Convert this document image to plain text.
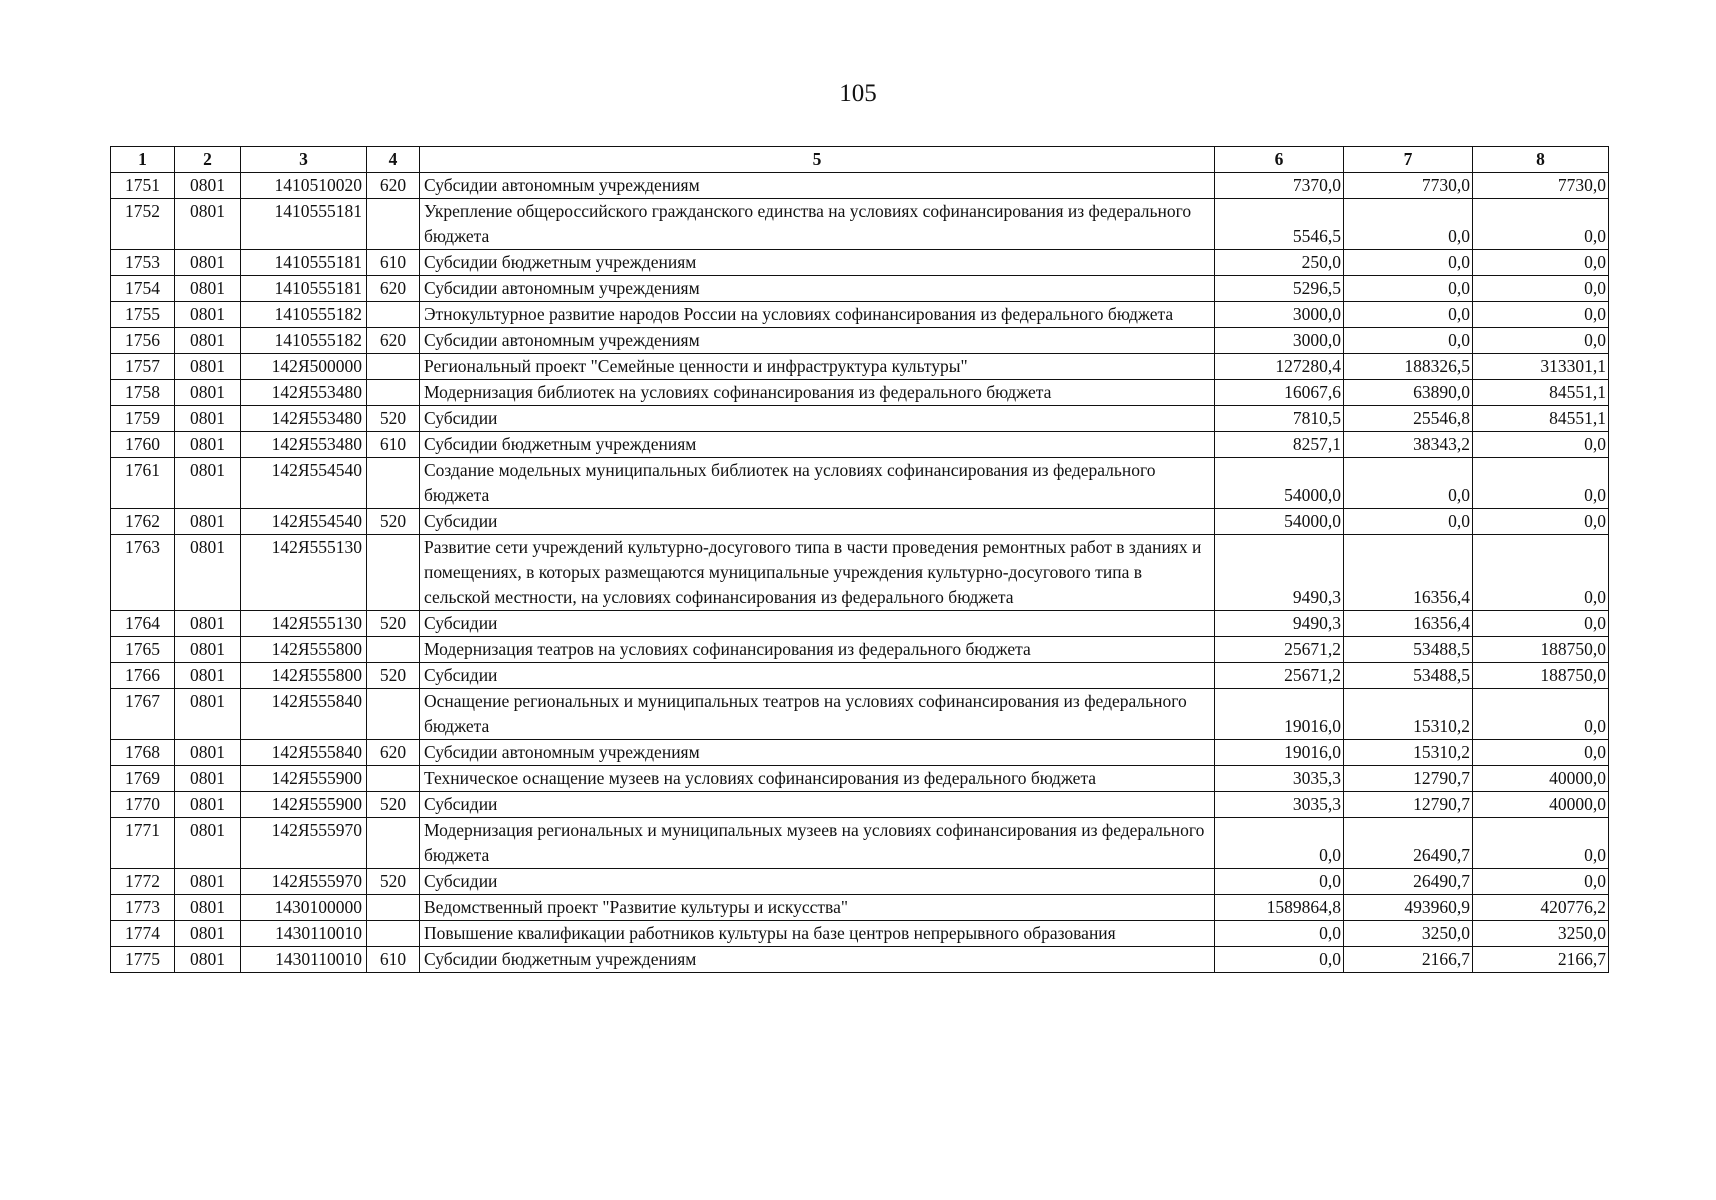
105
1	2	3	4	5	6	7	8
1751	0801	1410510020	620	Субсидии автономным учреждениям	7370,0	7730,0	7730,0
1752	0801	1410555181		Укрепление общероссийского гражданского единства на условиях софинансирования из федерального бюджета	5546,5	0,0	0,0
1753	0801	1410555181	610	Субсидии бюджетным учреждениям	250,0	0,0	0,0
1754	0801	1410555181	620	Субсидии автономным учреждениям	5296,5	0,0	0,0
1755	0801	1410555182		Этнокультурное развитие народов России на условиях софинансирования из федерального бюджета	3000,0	0,0	0,0
1756	0801	1410555182	620	Субсидии автономным учреждениям	3000,0	0,0	0,0
1757	0801	142Я500000		Региональный проект "Семейные ценности и инфраструктура культуры"	127280,4	188326,5	313301,1
1758	0801	142Я553480		Модернизация библиотек на условиях софинансирования из федерального бюджета	16067,6	63890,0	84551,1
1759	0801	142Я553480	520	Субсидии	7810,5	25546,8	84551,1
1760	0801	142Я553480	610	Субсидии бюджетным учреждениям	8257,1	38343,2	0,0
1761	0801	142Я554540		Создание модельных муниципальных библиотек на условиях софинансирования из федерального бюджета	54000,0	0,0	0,0
1762	0801	142Я554540	520	Субсидии	54000,0	0,0	0,0
1763	0801	142Я555130		Развитие сети учреждений культурно-досугового типа в части проведения ремонтных работ в зданиях и помещениях, в которых размещаются муниципальные учреждения культурно-досугового типа в сельской местности, на условиях софинансирования из федерального бюджета	9490,3	16356,4	0,0
1764	0801	142Я555130	520	Субсидии	9490,3	16356,4	0,0
1765	0801	142Я555800		Модернизация театров на условиях софинансирования из федерального бюджета	25671,2	53488,5	188750,0
1766	0801	142Я555800	520	Субсидии	25671,2	53488,5	188750,0
1767	0801	142Я555840		Оснащение региональных и муниципальных театров на условиях софинансирования из федерального бюджета	19016,0	15310,2	0,0
1768	0801	142Я555840	620	Субсидии автономным учреждениям	19016,0	15310,2	0,0
1769	0801	142Я555900		Техническое оснащение музеев на условиях софинансирования из федерального бюджета	3035,3	12790,7	40000,0
1770	0801	142Я555900	520	Субсидии	3035,3	12790,7	40000,0
1771	0801	142Я555970		Модернизация региональных и муниципальных музеев на условиях софинансирования из федерального бюджета	0,0	26490,7	0,0
1772	0801	142Я555970	520	Субсидии	0,0	26490,7	0,0
1773	0801	1430100000		Ведомственный проект "Развитие культуры и искусства"	1589864,8	493960,9	420776,2
1774	0801	1430110010		Повышение квалификации работников культуры на базе центров непрерывного образования	0,0	3250,0	3250,0
1775	0801	1430110010	610	Субсидии бюджетным учреждениям	0,0	2166,7	2166,7
